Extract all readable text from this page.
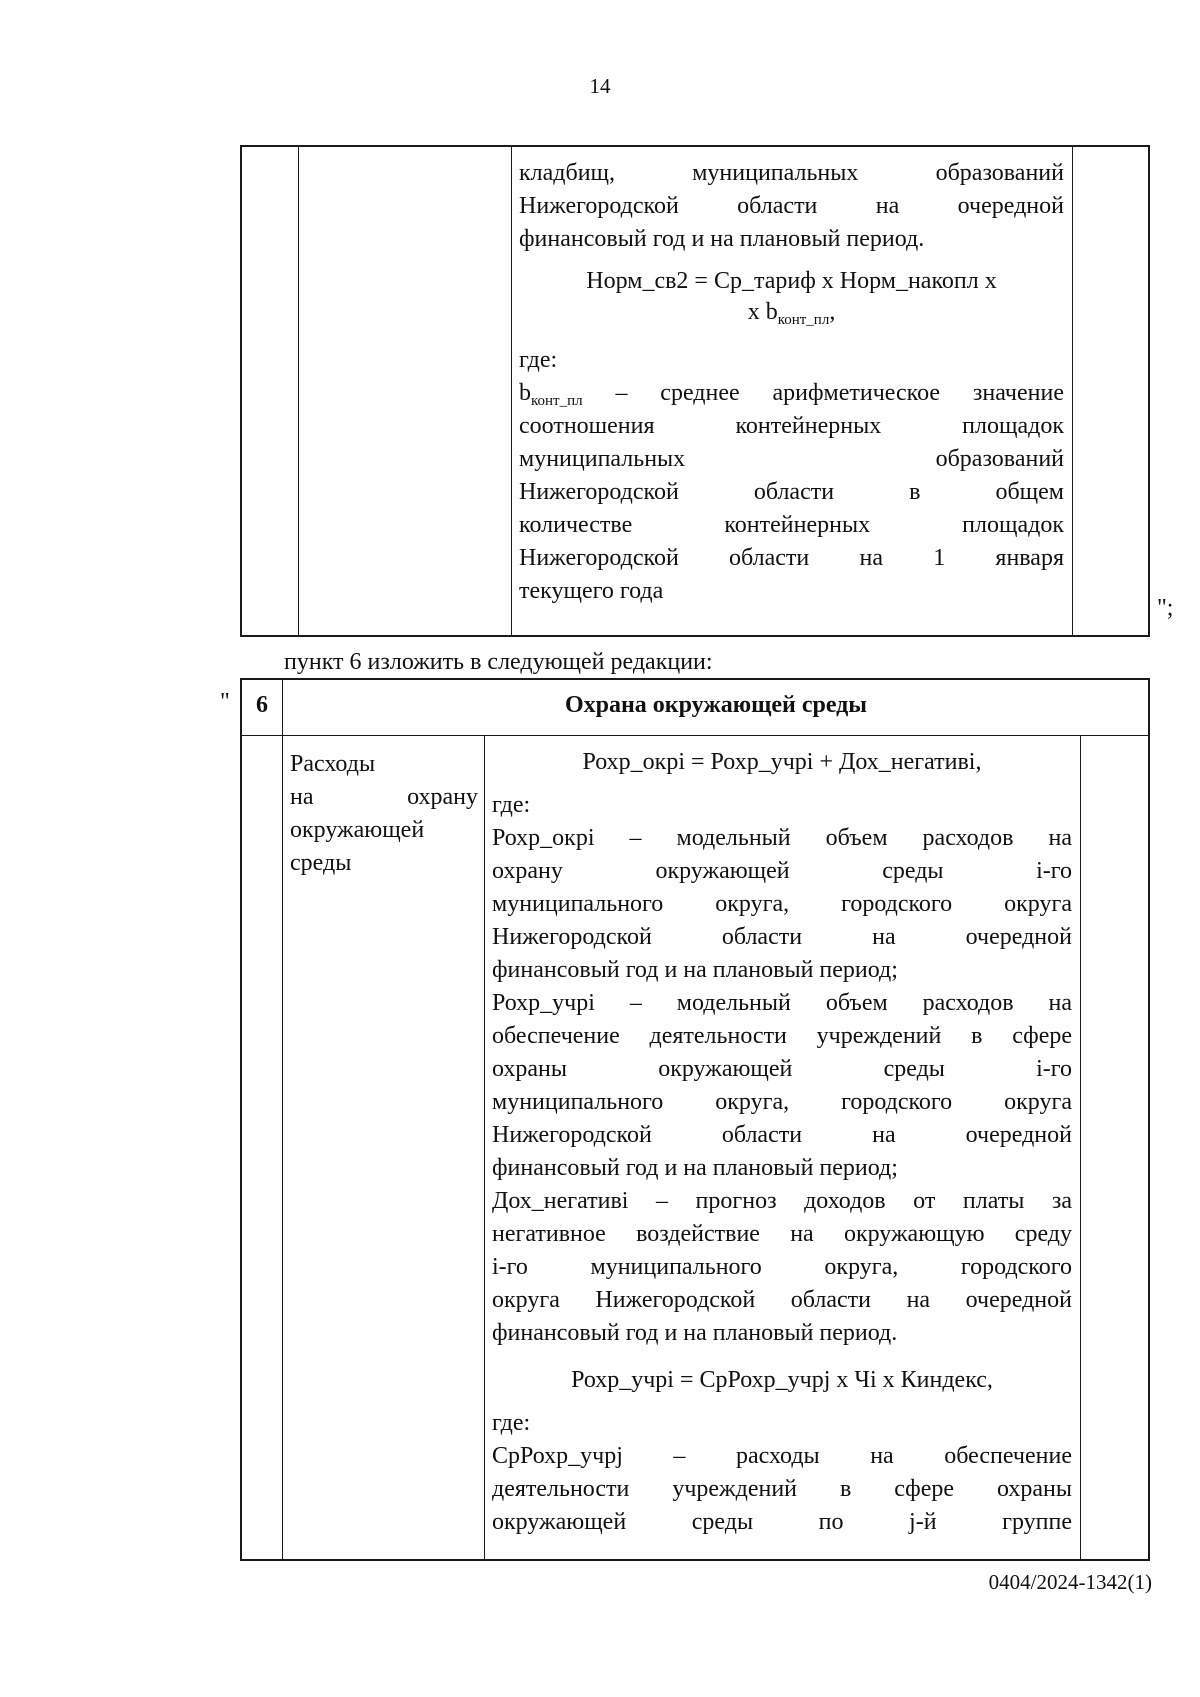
14

кладбищ, муниципальных образований

Нижегородской области на очередной

финансовый год и на плановый период.

Норм_св2 = Ср_тариф х Норм_накопл х
х $b_{конт\_пл}$,
где:

$b_{конт\_пл}$ – среднее арифметическое значение

соотношения контейнерных площадок

муниципальных образований

Нижегородской области в общем

количестве контейнерных площадок

Нижегородской области на 1 января

текущего года

";
пункт 6 изложить в следующей редакции:
"	6	Охрана окружающей среды
Расходы
на	охрану
окружающей
среды
Рохр_окрi = Рохр_учрi + Дох_негативi,
где:

Рохр_окрi – модельный объем расходов на

охрану окружающей среды i-го

муниципального округа, городского округа

Нижегородской области на очередной

финансовый год и на плановый период;

Рохр_учрi – модельный объем расходов на

обеспечение деятельности учреждений в сфере

охраны окружающей среды i-го

муниципального округа, городского округа

Нижегородской области на очередной

финансовый год и на плановый период;

Дох_негативi – прогноз доходов от платы за

негативное воздействие на окружающую среду

i-го муниципального округа, городского

округа Нижегородской области на очередной

финансовый год и на плановый период.

Рохр_учрi = СрРохр_учрj х Чi х Киндекс,
где:

СрРохр_учрj – расходы на обеспечение

деятельности учреждений в сфере охраны

окружающей среды по j-й группе

0404/2024-1342(1)
